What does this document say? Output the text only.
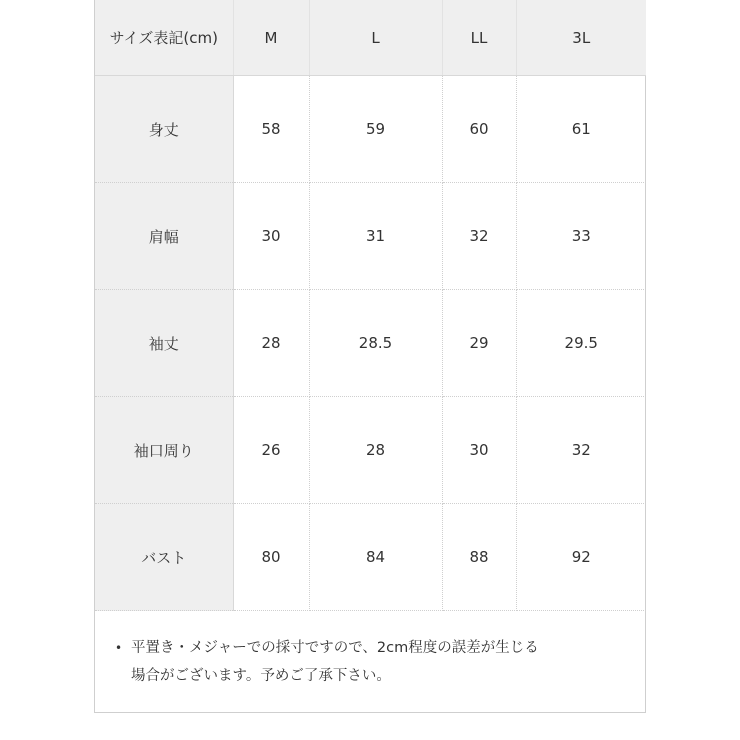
サイズ表記(cm)	M	L	LL	3L
身丈	58	59	60	61
肩幅	30	31	32	33
袖丈	28	28.5	29	29.5
袖口周り	26	28	30	32
バスト	80	84	88	92
• 平置き・メジャーでの採寸ですので、2cm程度の誤差が生じる
場合がございます。予めご了承下さい。
